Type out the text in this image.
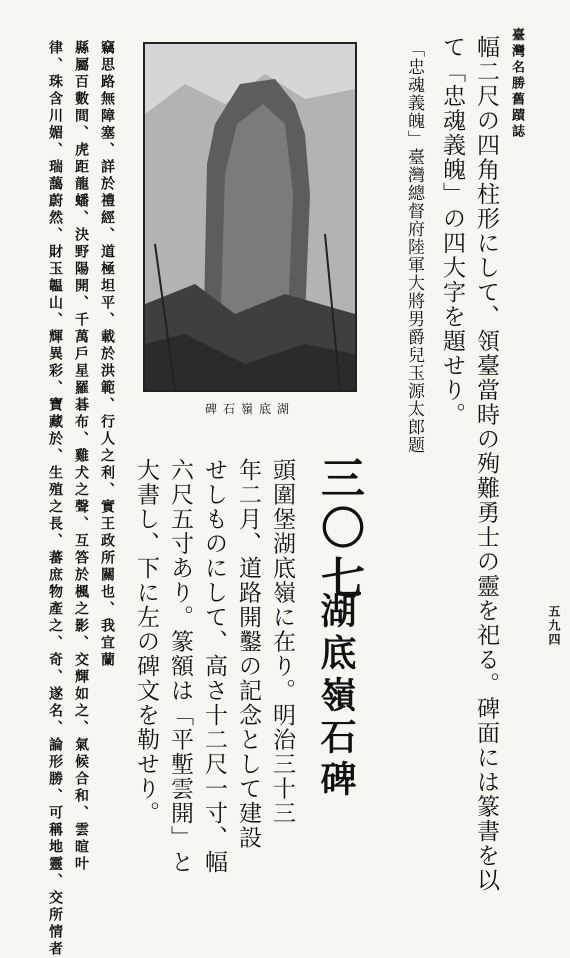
臺灣名勝舊蹟誌
五九四
幅二尺の四角柱形にして、領臺當時の殉難勇士の靈を祀る。碑面には篆書を以
て「忠魂義魄」の四大字を題せり。
「忠魂義魄」臺灣總督府陸軍大將男爵兒玉源太郎题
碑石嶺底湖
三〇七
湖底嶺石碑
頭圍堡湖底嶺に在り。明治三十三
年二月、道路開鑿の記念として建設
せしものにして、高さ十二尺一寸、幅
六尺五寸あり。篆額は「平塹雲開」と
大書し、下に左の碑文を勒せり。
竊思路無障塞、詳於禮經、道極坦平、載於洪範、行人之利、實王政所關也、我宜蘭
縣屬百數間、虎距龍蟠、決野陽開、千萬戶星羅碁布、雞犬之聲、互答於楓之影、交輝如之、氣候合和、雲暄叶
律、珠含川媚、瑞藹蔚然、財玉韞山、輝異彩、寶藏於、生殖之長、蕃庶物產之、奇、遂名、論形勝、可稱地靈、交所情者
